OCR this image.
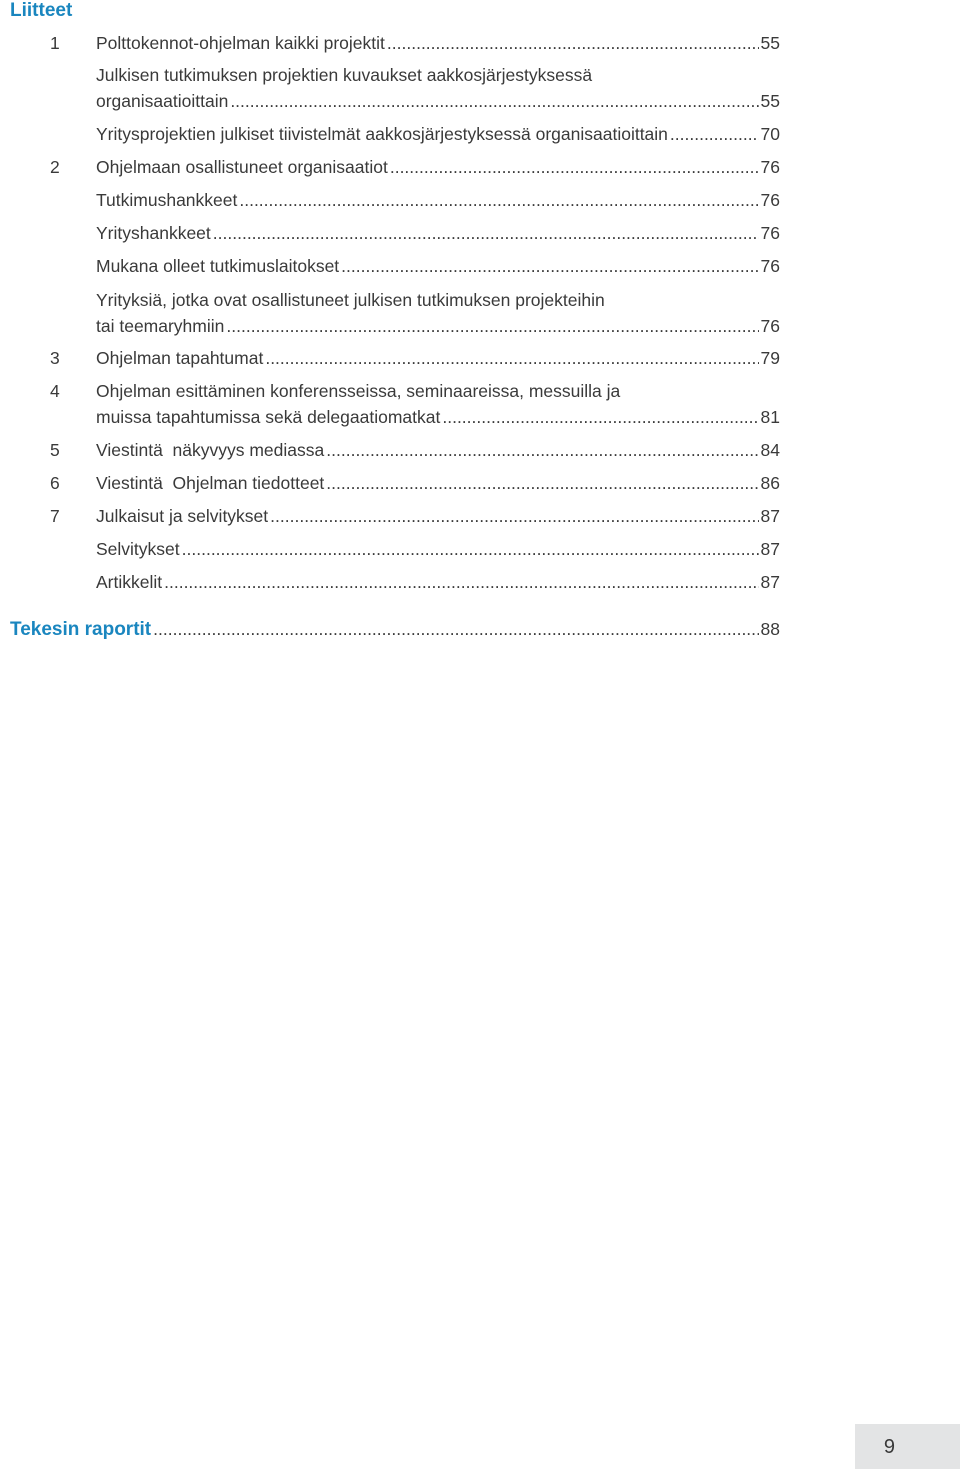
Liitteet
1 Polttokennot-ohjelman kaikki projektit .....	55
Julkisen tutkimuksen projektien kuvaukset aakkosjärjestyksessä
organisaatioittain .....	55
Yritysprojektien julkiset tiivistelmät aakkosjärjestyksessä organisaatioittain .....	70
2 Ohjelmaan osallistuneet organisaatiot .....	76
Tutkimushankkeet .....	76
Yrityshankkeet .....	76
Mukana olleet tutkimuslaitokset .....	76
Yrityksiä, jotka ovat osallistuneet julkisen tutkimuksen projekteihin
tai teemaryhmiin .....	76
3 Ohjelman tapahtumat .....	79
4 Ohjelman esittäminen konferensseissa, seminaareissa, messuilla ja
muissa tapahtumissa sekä delegaatiomatkat .....	81
5 Viestintä  näkyvyys mediassa .....	84
6 Viestintä  Ohjelman tiedotteet .....	86
7 Julkaisut ja selvitykset .....	87
Selvitykset .....	87
Artikkelit .....	87
Tekesin raportit .....	88
9
